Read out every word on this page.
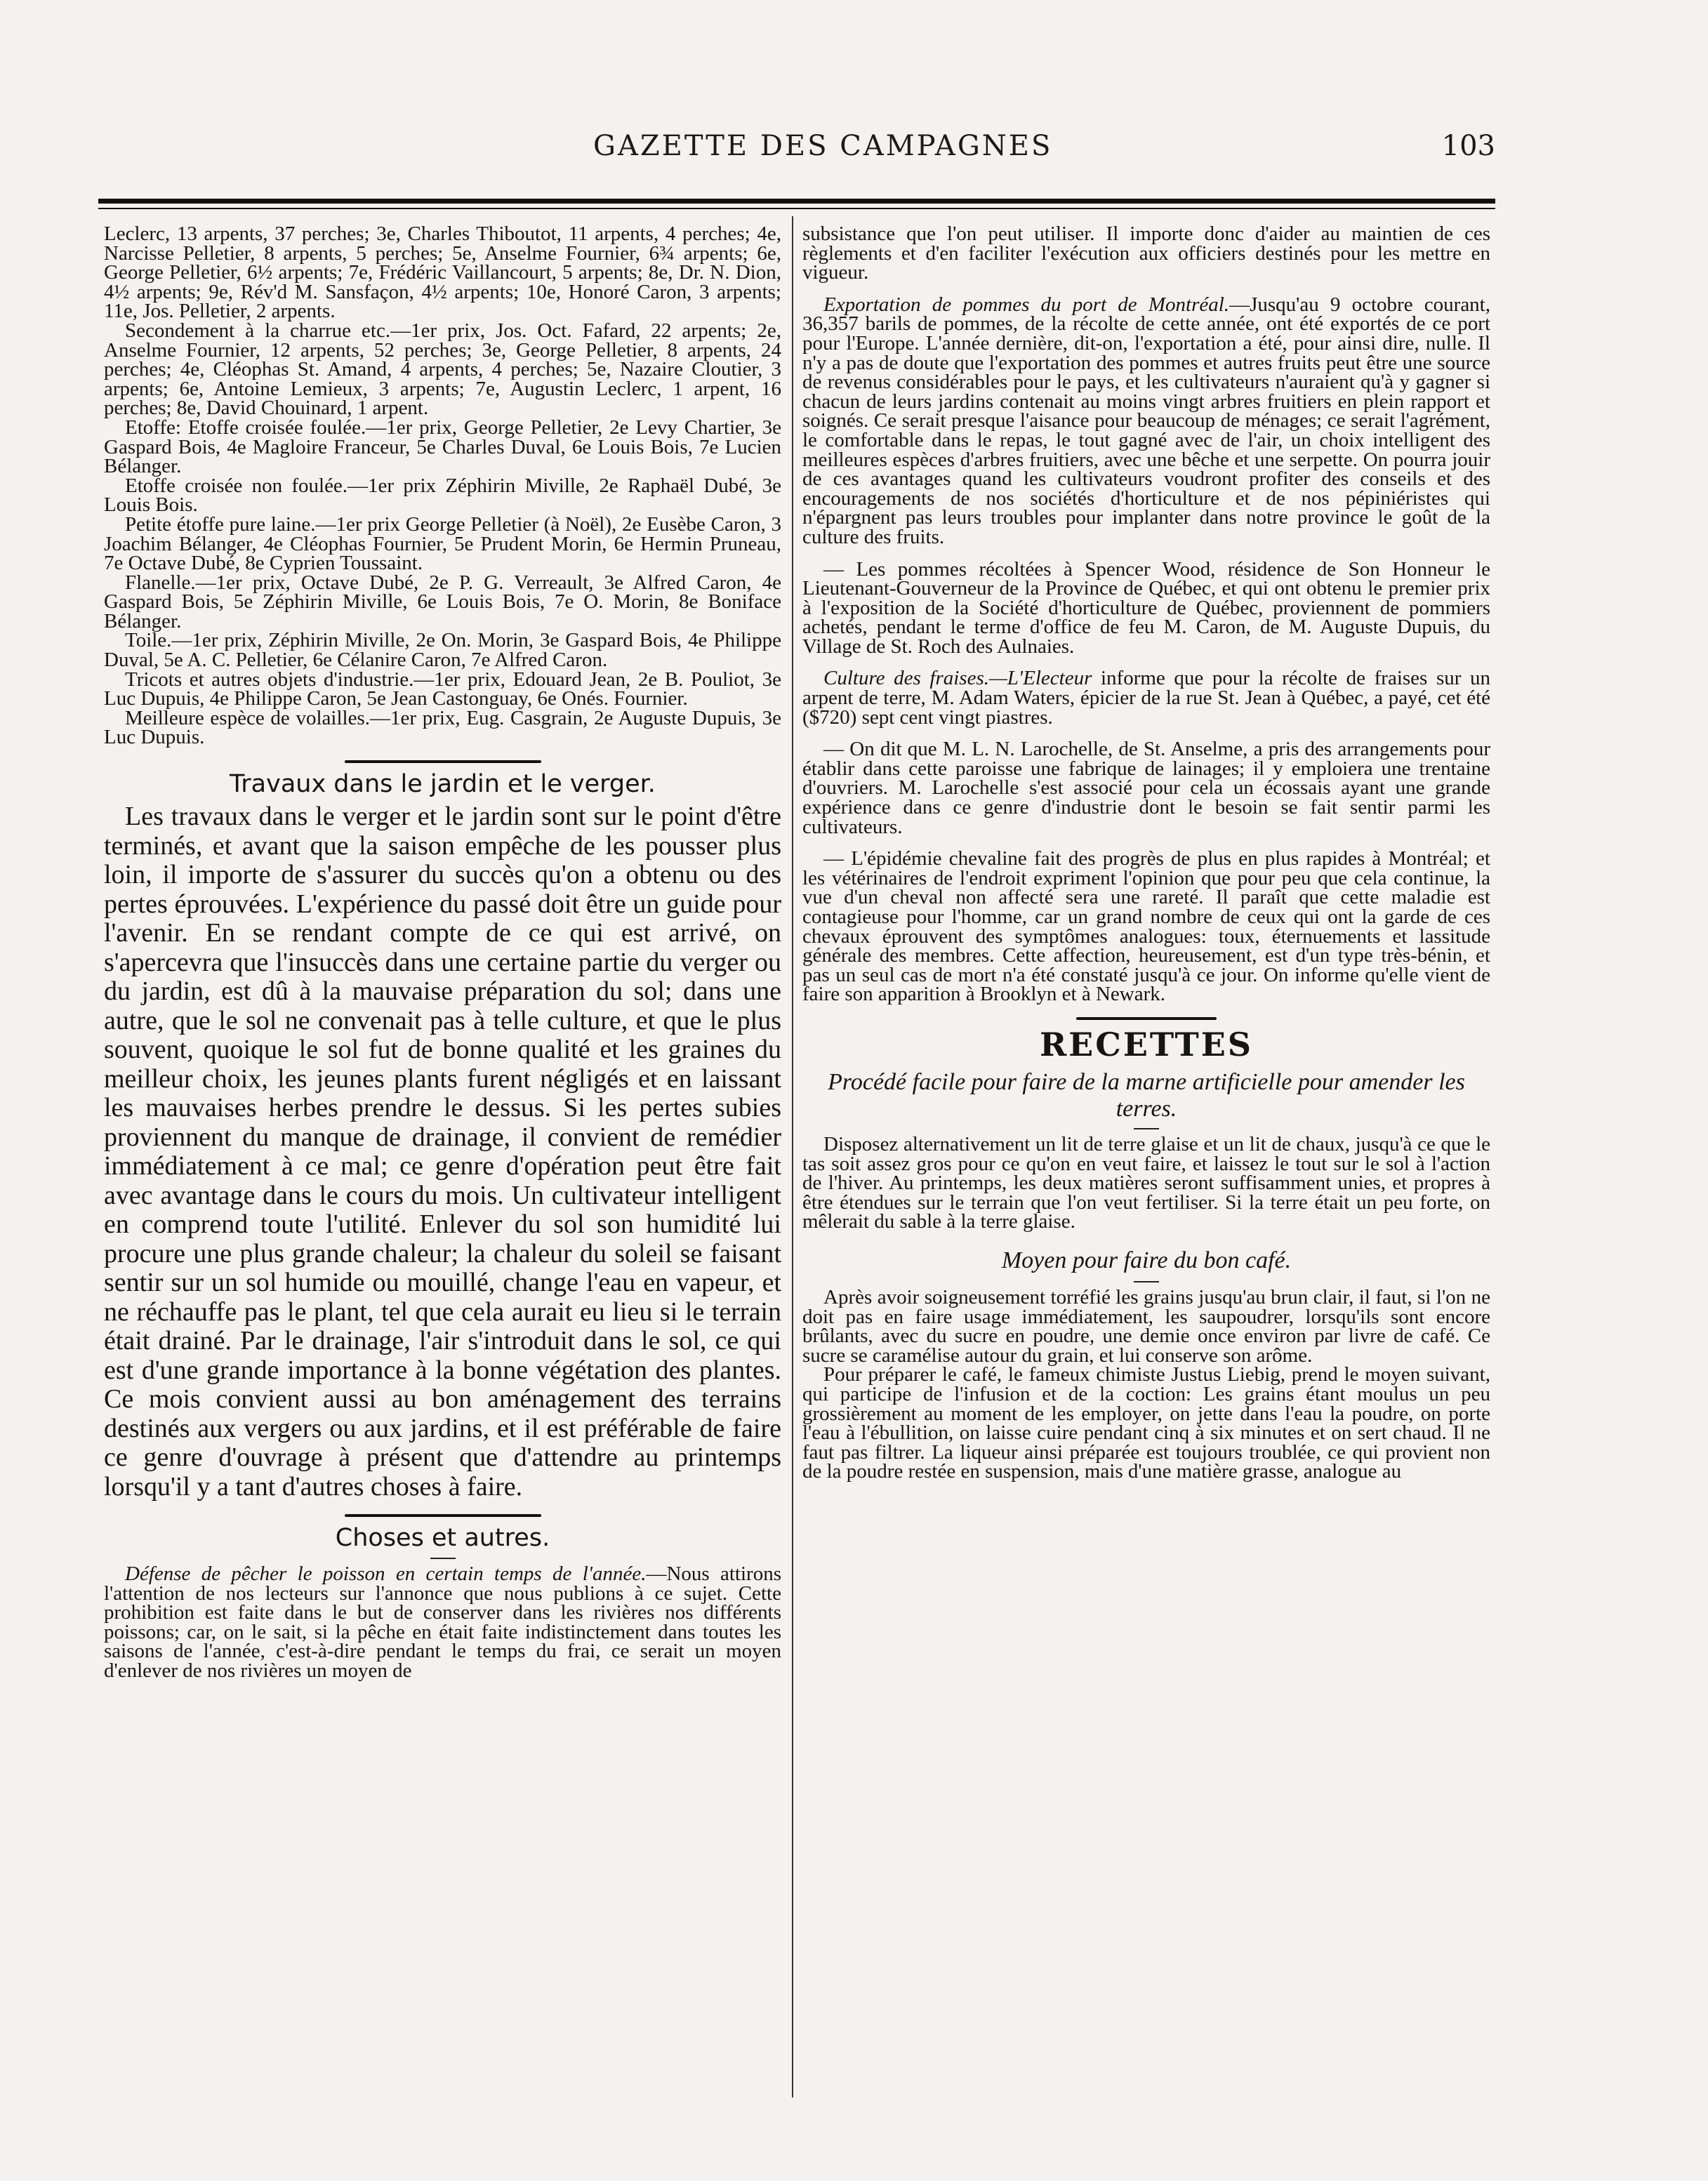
GAZETTE DES CAMPAGNES	103

Leclerc, 13 arpents, 37 perches; 3e, Charles Thiboutot, 11 arpents, 4 perches; 4e, Narcisse Pelletier, 8 arpents, 5 perches; 5e, Anselme Fournier, 6¾ arpents; 6e, George Pelletier, 6½ arpents; 7e, Frédéric Vaillancourt, 5 arpents; 8e, Dr. N. Dion, 4½ arpents; 9e, Rév'd M. Sansfaçon, 4½ arpents; 10e, Honoré Caron, 3 arpents; 11e, Jos. Pelletier, 2 arpents.

Secondement à la charrue etc.—1er prix, Jos. Oct. Fafard, 22 arpents; 2e, Anselme Fournier, 12 arpents, 52 perches; 3e, George Pelletier, 8 arpents, 24 perches; 4e, Cléophas St. Amand, 4 arpents, 4 perches; 5e, Nazaire Cloutier, 3 arpents; 6e, Antoine Lemieux, 3 arpents; 7e, Augustin Leclerc, 1 arpent, 16 perches; 8e, David Chouinard, 1 arpent.

Etoffe: Etoffe croisée foulée.—1er prix, George Pelletier, 2e Levy Chartier, 3e Gaspard Bois, 4e Magloire Franceur, 5e Charles Duval, 6e Louis Bois, 7e Lucien Bélanger.

Etoffe croisée non foulée.—1er prix Zéphirin Miville, 2e Raphaël Dubé, 3e Louis Bois.

Petite étoffe pure laine.—1er prix George Pelletier (à Noël), 2e Eusèbe Caron, 3 Joachim Bélanger, 4e Cléophas Fournier, 5e Prudent Morin, 6e Hermin Pruneau, 7e Octave Dubé, 8e Cyprien Toussaint.

Flanelle.—1er prix, Octave Dubé, 2e P. G. Verreault, 3e Alfred Caron, 4e Gaspard Bois, 5e Zéphirin Miville, 6e Louis Bois, 7e O. Morin, 8e Boniface Bélanger.

Toile.—1er prix, Zéphirin Miville, 2e On. Morin, 3e Gaspard Bois, 4e Philippe Duval, 5e A. C. Pelletier, 6e Célanire Caron, 7e Alfred Caron.

Tricots et autres objets d'industrie.—1er prix, Edouard Jean, 2e B. Pouliot, 3e Luc Dupuis, 4e Philippe Caron, 5e Jean Castonguay, 6e Onés. Fournier.

Meilleure espèce de volailles.—1er prix, Eug. Casgrain, 2e Auguste Dupuis, 3e Luc Dupuis.

Travaux dans le jardin et le verger.

Les travaux dans le verger et le jardin sont sur le point d'être terminés, et avant que la saison empêche de les pousser plus loin, il importe de s'assurer du succès qu'on a obtenu ou des pertes éprouvées. L'expérience du passé doit être un guide pour l'avenir. En se rendant compte de ce qui est arrivé, on s'apercevra que l'insuccès dans une certaine partie du verger ou du jardin, est dû à la mauvaise préparation du sol; dans une autre, que le sol ne convenait pas à telle culture, et que le plus souvent, quoique le sol fut de bonne qualité et les graines du meilleur choix, les jeunes plants furent négligés et en laissant les mauvaises herbes prendre le dessus. Si les pertes subies proviennent du manque de drainage, il convient de remédier immédiatement à ce mal; ce genre d'opération peut être fait avec avantage dans le cours du mois. Un cultivateur intelligent en comprend toute l'utilité. Enlever du sol son humidité lui procure une plus grande chaleur; la chaleur du soleil se faisant sentir sur un sol humide ou mouillé, change l'eau en vapeur, et ne réchauffe pas le plant, tel que cela aurait eu lieu si le terrain était drainé. Par le drainage, l'air s'introduit dans le sol, ce qui est d'une grande importance à la bonne végétation des plantes. Ce mois convient aussi au bon aménagement des terrains destinés aux vergers ou aux jardins, et il est préférable de faire ce genre d'ouvrage à présent que d'attendre au printemps lorsqu'il y a tant d'autres choses à faire.

Choses et autres.

Défense de pêcher le poisson en certain temps de l'année.—Nous attirons l'attention de nos lecteurs sur l'annonce que nous publions à ce sujet. Cette prohibition est faite dans le but de conserver dans les rivières nos différents poissons; car, on le sait, si la pêche en était faite indistinctement dans toutes les saisons de l'année, c'est-à-dire pendant le temps du frai, ce serait un moyen d'enlever de nos rivières un moyen de

subsistance que l'on peut utiliser. Il importe donc d'aider au maintien de ces règlements et d'en faciliter l'exécution aux officiers destinés pour les mettre en vigueur.

Exportation de pommes du port de Montréal.—Jusqu'au 9 octobre courant, 36,357 barils de pommes, de la récolte de cette année, ont été exportés de ce port pour l'Europe. L'année dernière, dit-on, l'exportation a été, pour ainsi dire, nulle. Il n'y a pas de doute que l'exportation des pommes et autres fruits peut être une source de revenus considérables pour le pays, et les cultivateurs n'auraient qu'à y gagner si chacun de leurs jardins contenait au moins vingt arbres fruitiers en plein rapport et soignés. Ce serait presque l'aisance pour beaucoup de ménages; ce serait l'agrément, le comfortable dans le repas, le tout gagné avec de l'air, un choix intelligent des meilleures espèces d'arbres fruitiers, avec une bêche et une serpette. On pourra jouir de ces avantages quand les cultivateurs voudront profiter des conseils et des encouragements de nos sociétés d'horticulture et de nos pépiniéristes qui n'épargnent pas leurs troubles pour implanter dans notre province le goût de la culture des fruits.

— Les pommes récoltées à Spencer Wood, résidence de Son Honneur le Lieutenant-Gouverneur de la Province de Québec, et qui ont obtenu le premier prix à l'exposition de la Société d'horticulture de Québec, proviennent de pommiers achetés, pendant le terme d'office de feu M. Caron, de M. Auguste Dupuis, du Village de St. Roch des Aulnaies.

Culture des fraises.—L'Electeur informe que pour la récolte de fraises sur un arpent de terre, M. Adam Waters, épicier de la rue St. Jean à Québec, a payé, cet été ($720) sept cent vingt piastres.

— On dit que M. L. N. Larochelle, de St. Anselme, a pris des arrangements pour établir dans cette paroisse une fabrique de lainages; il y emploiera une trentaine d'ouvriers. M. Larochelle s'est associé pour cela un écossais ayant une grande expérience dans ce genre d'industrie dont le besoin se fait sentir parmi les cultivateurs.

— L'épidémie chevaline fait des progrès de plus en plus rapides à Montréal; et les vétérinaires de l'endroit expriment l'opinion que pour peu que cela continue, la vue d'un cheval non affecté sera une rareté. Il paraît que cette maladie est contagieuse pour l'homme, car un grand nombre de ceux qui ont la garde de ces chevaux éprouvent des symptômes analogues: toux, éternuements et lassitude générale des membres. Cette affection, heureusement, est d'un type très-bénin, et pas un seul cas de mort n'a été constaté jusqu'à ce jour. On informe qu'elle vient de faire son apparition à Brooklyn et à Newark.

RECETTES
Procédé facile pour faire de la marne artificielle pour amender les terres.

Disposez alternativement un lit de terre glaise et un lit de chaux, jusqu'à ce que le tas soit assez gros pour ce qu'on en veut faire, et laissez le tout sur le sol à l'action de l'hiver. Au printemps, les deux matières seront suffisamment unies, et propres à être étendues sur le terrain que l'on veut fertiliser. Si la terre était un peu forte, on mêlerait du sable à la terre glaise.

Moyen pour faire du bon café.

Après avoir soigneusement torréfié les grains jusqu'au brun clair, il faut, si l'on ne doit pas en faire usage immédiatement, les saupoudrer, lorsqu'ils sont encore brûlants, avec du sucre en poudre, une demie once environ par livre de café. Ce sucre se caramélise autour du grain, et lui conserve son arôme.

Pour préparer le café, le fameux chimiste Justus Liebig, prend le moyen suivant, qui participe de l'infusion et de la coction: Les grains étant moulus un peu grossièrement au moment de les employer, on jette dans l'eau la poudre, on porte l'eau à l'ébullition, on laisse cuire pendant cinq à six minutes et on sert chaud. Il ne faut pas filtrer. La liqueur ainsi préparée est toujours troublée, ce qui provient non de la poudre restée en suspension, mais d'une matière grasse, analogue au
